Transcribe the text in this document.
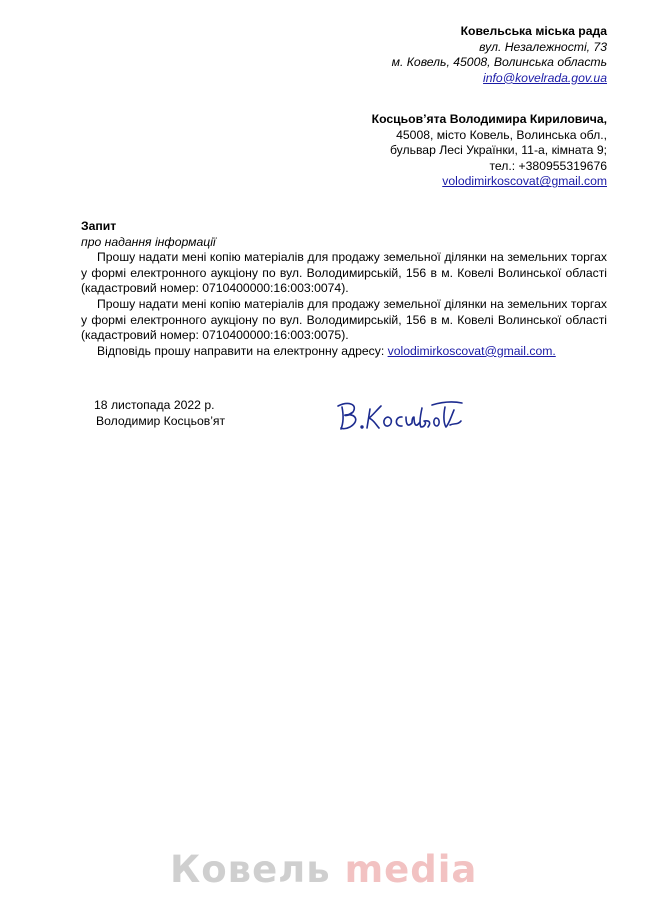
Ковельська міська рада
вул. Незалежності, 73
м. Ковель, 45008, Волинська область
info@kovelrada.gov.ua
Косцьов’ята Володимира Кириловича,
45008, місто Ковель, Волинська обл.,
бульвар Лесі Українки, 11-а, кімната 9;
тел.: +380955319676
volodimirkoscovat@gmail.com
Запит
про надання інформації

Прошу надати мені копію матеріалів для продажу земельної ділянки на земельних торгах у формі електронного аукціону по вул. Володимирській, 156 в м. Ковелі Волинської області (кадастровий номер: 0710400000:16:003:0074).

Прошу надати мені копію матеріалів для продажу земельної ділянки на земельних торгах у формі електронного аукціону по вул. Володимирській, 156 в м. Ковелі Волинської області (кадастровий номер: 0710400000:16:003:0075).

Відповідь прошу направити на електронну адресу: volodimirkoscovat@gmail.com.

18 листопада 2022 р.
Володимир Косцьов’ят
Ковель media
